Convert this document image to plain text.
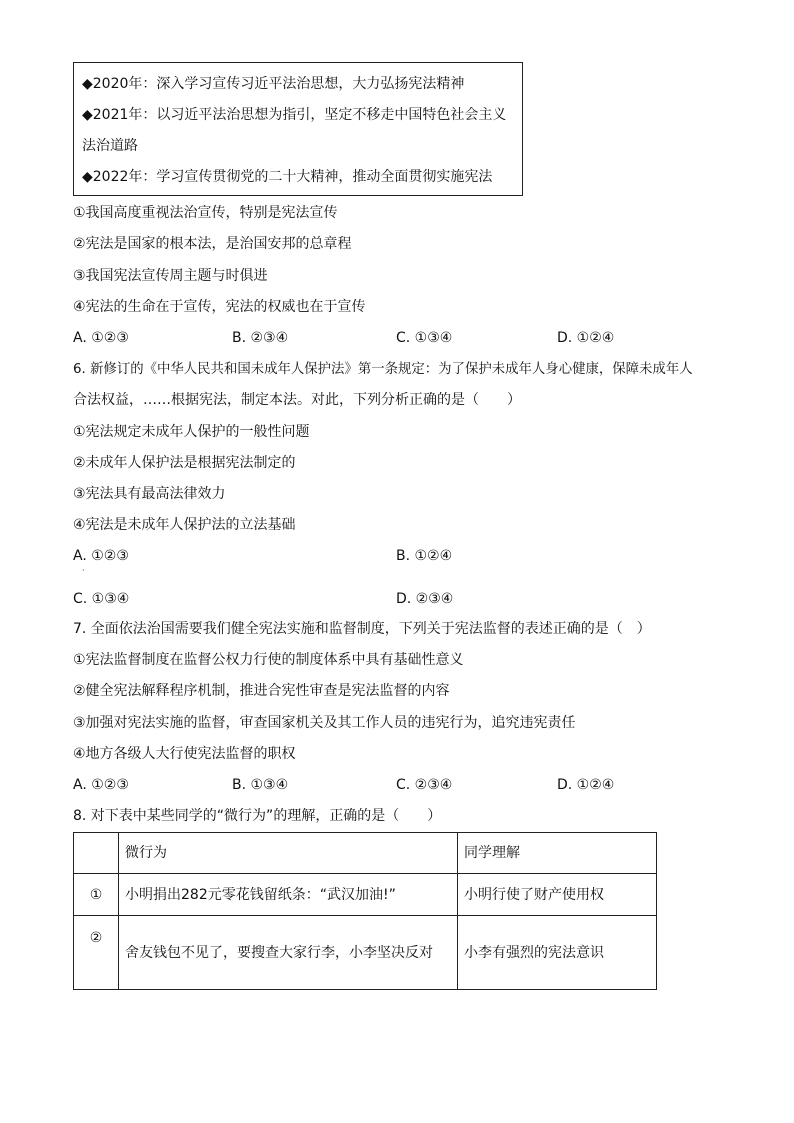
◆2020年：深入学习宣传习近平法治思想，大力弘扬宪法精神
◆2021年：以习近平法治思想为指引，坚定不移走中国特色社会主义
法治道路
◆2022年：学习宣传贯彻党的二十大精神，推动全面贯彻实施宪法
①我国高度重视法治宣传，特别是宪法宣传
②宪法是国家的根本法，是治国安邦的总章程
③我国宪法宣传周主题与时俱进
④宪法的生命在于宣传，宪法的权威也在于宣传
A. ①②③	B. ②③④	C. ①③④	D. ①②④
6. 新修订的《中华人民共和国未成年人保护法》第一条规定：为了保护未成年人身心健康，保障未成年人
合法权益，……根据宪法，制定本法。对此，下列分析正确的是（　　）
①宪法规定未成年人保护的一般性问题
②未成年人保护法是根据宪法制定的
③宪法具有最高法律效力
④宪法是未成年人保护法的立法基础
A. ①②③	B. ①②④
·
C. ①③④	D. ②③④
7. 全面依法治国需要我们健全宪法实施和监督制度，下列关于宪法监督的表述正确的是（　）
①宪法监督制度在监督公权力行使的制度体系中具有基础性意义
②健全宪法解释程序机制，推进合宪性审查是宪法监督的内容
③加强对宪法实施的监督，审查国家机关及其工作人员的违宪行为，追究违宪责任
④地方各级人大行使宪法监督的职权
A. ①②③	B. ①③④	C. ②③④	D. ①②④
8. 对下表中某些同学的“微行为”的理解，正确的是（　　）
	微行为	同学理解
①	小明捐出282元零花钱留纸条：“武汉加油!”	小明行使了财产使用权
②	舍友钱包不见了，要搜查大家行李，小李坚决反对	小李有强烈的宪法意识
